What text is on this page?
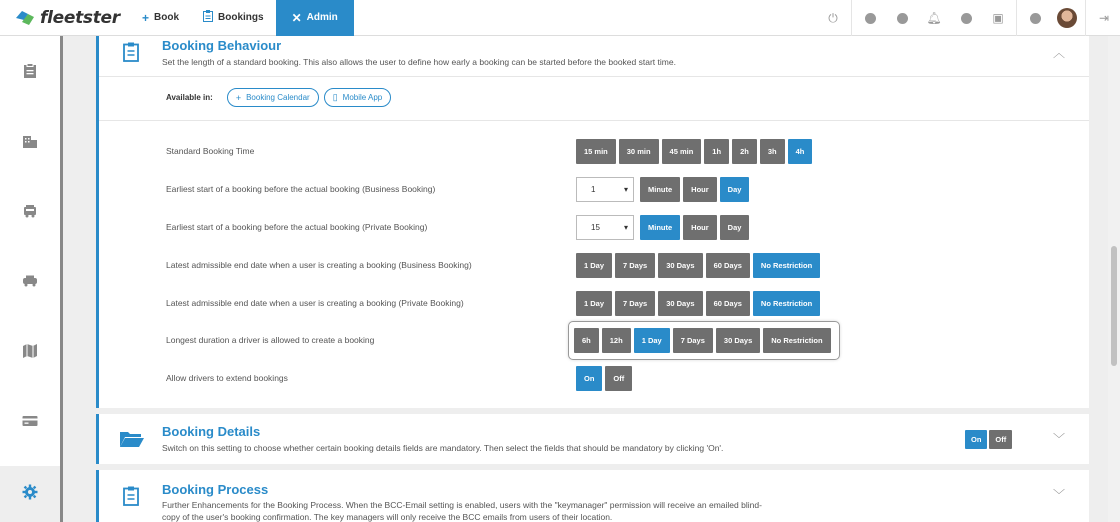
fleetster + Book	Bookings ✕ Admin	⏻	🔔︎	▣	⇥
Booking Behaviour
Set the length of a standard booking. This also allows the user to define how early a booking can be started before the booked start time.
︿
Available in:	+ Booking Calendar	▯ Mobile App
Standard Booking Time	15 min	30 min	45 min	1h	2h	3h	4h
Earliest start of a booking before the actual booking (Business Booking)	1	▾	Minute	Hour	Day
Earliest start of a booking before the actual booking (Private Booking)	15	▾	Minute	Hour	Day
Latest admissible end date when a user is creating a booking (Business Booking)	1 Day	7 Days	30 Days	60 Days	No Restriction
Latest admissible end date when a user is creating a booking (Private Booking)	1 Day	7 Days	30 Days	60 Days	No Restriction
Longest duration a driver is allowed to create a booking	6h	12h	1 Day	7 Days	30 Days	No Restriction
Allow drivers to extend bookings	On	Off
Booking Details
Switch on this setting to choose whether certain booking details fields are mandatory. Then select the fields that should be mandatory by clicking 'On'.
On	Off	﹀
Booking Process
Further Enhancements for the Booking Process. When the BCC-Email setting is enabled, users with the "keymanager" permission will receive an emailed blind-
copy of the user's booking confirmation. The key managers will only receive the BCC emails from users of their location.
﹀
